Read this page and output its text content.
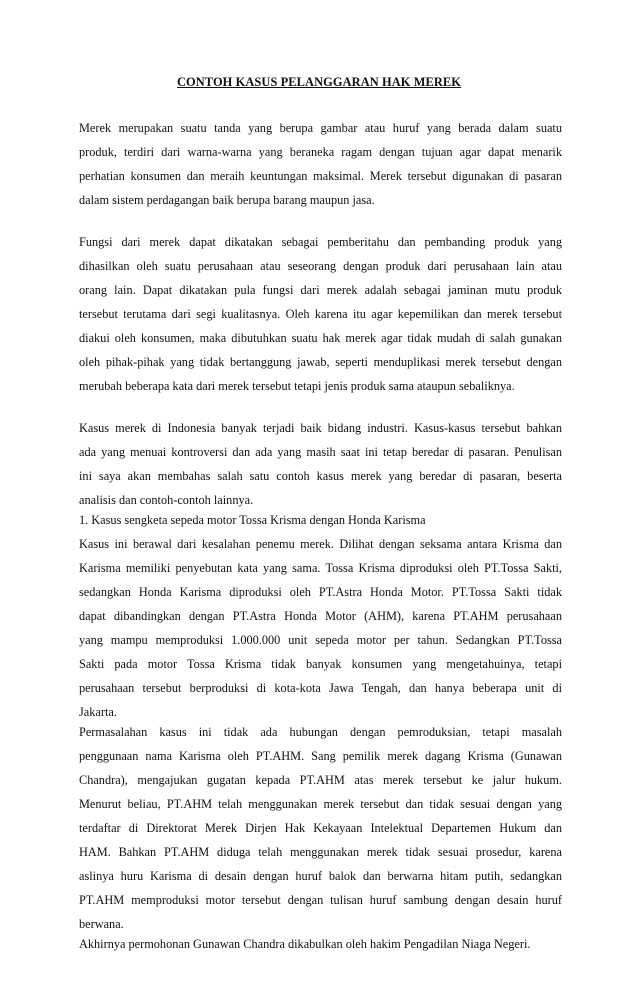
CONTOH KASUS PELANGGARAN HAK MEREK
Merek merupakan suatu tanda yang berupa gambar atau huruf yang berada dalam suatu
produk, terdiri dari warna-warna yang beraneka ragam dengan tujuan agar dapat menarik
perhatian konsumen dan meraih keuntungan maksimal. Merek tersebut digunakan di pasaran
dalam sistem perdagangan baik berupa barang maupun jasa.
Fungsi dari merek dapat dikatakan sebagai pemberitahu dan pembanding produk yang
dihasilkan oleh suatu perusahaan atau seseorang dengan produk dari perusahaan lain atau
orang lain. Dapat dikatakan pula fungsi dari merek adalah sebagai jaminan mutu produk
tersebut terutama dari segi kualitasnya. Oleh karena itu agar kepemilikan dan merek tersebut
diakui oleh konsumen, maka dibutuhkan suatu hak merek agar tidak mudah di salah gunakan
oleh pihak-pihak yang tidak bertanggung jawab, seperti menduplikasi merek tersebut dengan
merubah beberapa kata dari merek tersebut tetapi jenis produk sama ataupun sebaliknya.
Kasus merek di Indonesia banyak terjadi baik bidang industri. Kasus-kasus tersebut bahkan
ada yang menuai kontroversi dan ada yang masih saat ini tetap beredar di pasaran. Penulisan
ini saya akan membahas salah satu contoh kasus merek yang beredar di pasaran, beserta
analisis dan contoh-contoh lainnya.
1. Kasus sengketa sepeda motor Tossa Krisma dengan Honda Karisma
Kasus ini berawal dari kesalahan penemu merek. Dilihat dengan seksama antara Krisma dan
Karisma memiliki penyebutan kata yang sama. Tossa Krisma diproduksi oleh PT.Tossa Sakti,
sedangkan Honda Karisma diproduksi oleh PT.Astra Honda Motor. PT.Tossa Sakti tidak
dapat dibandingkan dengan PT.Astra Honda Motor (AHM), karena PT.AHM perusahaan
yang mampu memproduksi 1.000.000 unit sepeda motor per tahun. Sedangkan PT.Tossa
Sakti pada motor Tossa Krisma tidak banyak konsumen yang mengetahuinya, tetapi
perusahaan tersebut berproduksi di kota-kota Jawa Tengah, dan hanya beberapa unit di
Jakarta.
Permasalahan kasus ini tidak ada hubungan dengan pemroduksian, tetapi masalah
penggunaan nama Karisma oleh PT.AHM. Sang pemilik merek dagang Krisma (Gunawan
Chandra), mengajukan gugatan kepada PT.AHM atas merek tersebut ke jalur hukum.
Menurut beliau, PT.AHM telah menggunakan merek tersebut dan tidak sesuai dengan yang
terdaftar di Direktorat Merek Dirjen Hak Kekayaan Intelektual Departemen Hukum dan
HAM. Bahkan PT.AHM diduga telah menggunakan merek tidak sesuai prosedur, karena
aslinya huru Karisma di desain dengan huruf balok dan berwarna hitam putih, sedangkan
PT.AHM memproduksi motor tersebut dengan tulisan huruf sambung dengan desain huruf
berwana.
Akhirnya permohonan Gunawan Chandra dikabulkan oleh hakim Pengadilan Niaga Negeri.
